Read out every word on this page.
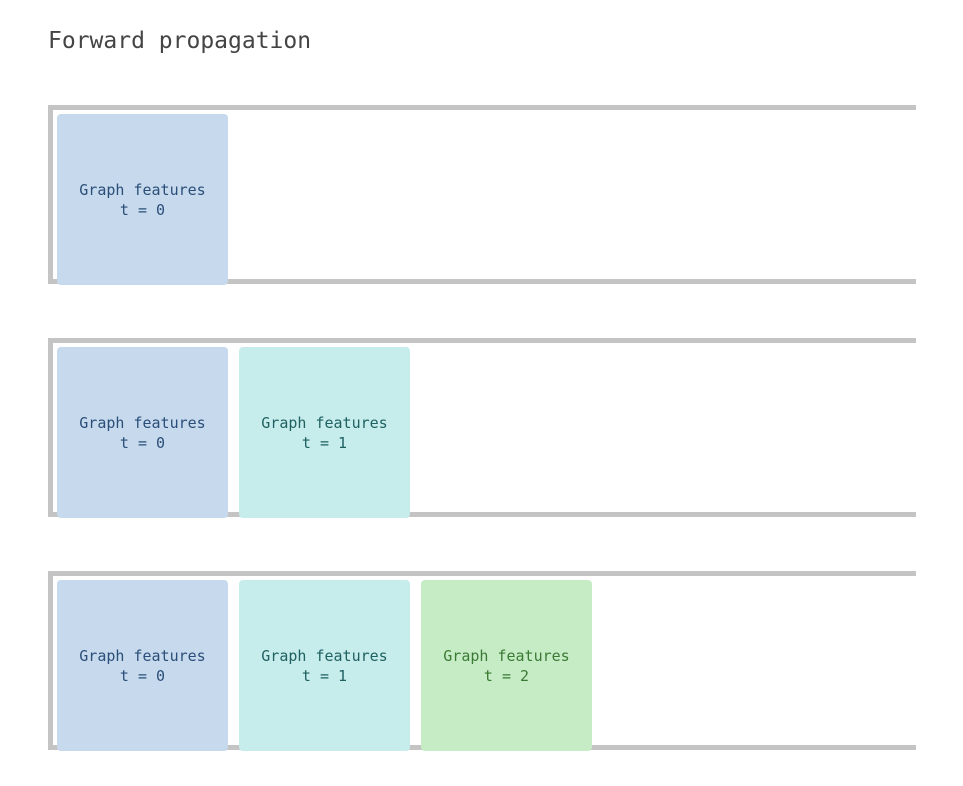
Forward propagation
Graph features
t = 0
Graph features
t = 0
Graph features
t = 1
Graph features
t = 0
Graph features
t = 1
Graph features
t = 2
